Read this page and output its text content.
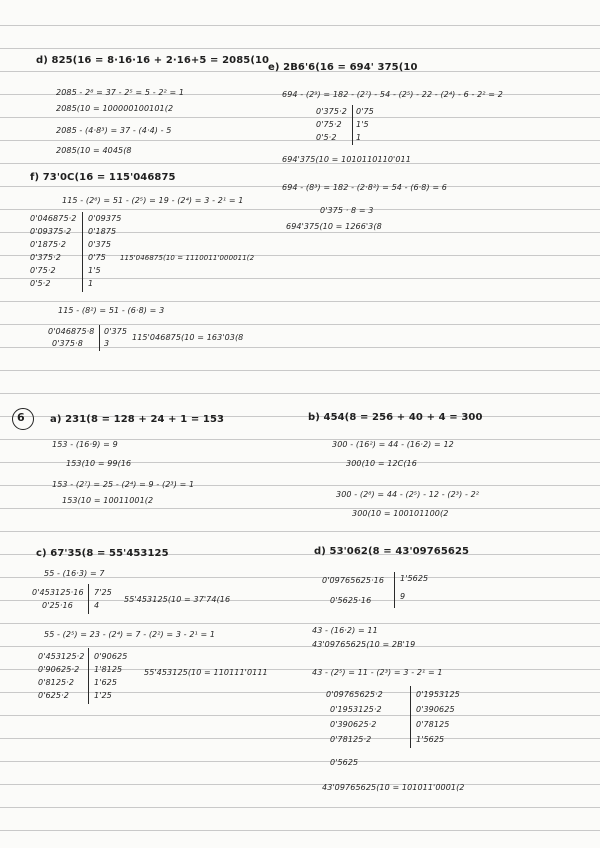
d) 825(16 = 8·16·16 + 2·16+5 = 2085(10
2085 - 2⁸ = 37 - 2⁵ = 5 - 2² = 1
2085(10 = 100000100101(2
2085 - (4·8³) = 37 - (4·4) - 5
2085(10 = 4045(8
e) 2B6'6(16 = 694' 375(10
694 - (2⁹) = 182 - (2⁷) - 54 - (2⁵) - 22 - (2⁴) - 6 - 2² = 2
0'375·2
0'75·2
0'5·2
0'75
1'5
1
694'375(10 = 1010110110'011
694 - (8³) = 182 - (2·8²) = 54 - (6·8) = 6
0'375 · 8 = 3
694'375(10 = 1266'3(8
f) 73'0C(16 = 115'046875
115 - (2⁶) = 51 - (2⁵) = 19 - (2⁴) = 3 - 2¹ = 1
0'046875·2
0'09375·2
0'1875·2
0'375·2
0'75·2
0'5·2
0'09375
0'1875
0'375
0'75
1'5
1
115'046875(10 = 1110011'000011(2
115 - (8²) = 51 - (6·8) = 3
0'046875·8
0'375·8
0'375
3
115'046875(10 = 163'03(8
6	a) 231(8 = 128 + 24 + 1 = 153
153 - (16·9) = 9
153(10 = 99(16
153 - (2⁷) = 25 - (2⁴) = 9 - (2³) = 1
153(10 = 10011001(2
b) 454(8 = 256 + 40 + 4 = 300
300 - (16²) = 44 - (16·2) = 12
300(10 = 12C(16
300 - (2⁸) = 44 - (2⁵) - 12 - (2³) - 2²
300(10 = 100101100(2
c) 67'35(8 = 55'453125
55 - (16·3) = 7
0'453125·16
0'25·16
7'25
4
55'453125(10 = 37'74(16
55 - (2⁵) = 23 - (2⁴) = 7 - (2²) = 3 - 2¹ = 1
0'453125·2
0'90625·2
0'8125·2
0'625·2
0'90625
1'8125
1'625
1'25
55'453125(10 = 110111'0111
d) 53'062(8 = 43'09765625
0'09765625·16
0'5625·16
1'5625
9
43 - (16·2) = 11
43'09765625(10 = 2B'19
43 - (2⁵) = 11 - (2³) = 3 - 2¹ = 1
0'09765625·2
0'1953125·2
0'390625·2
0'78125·2
0'5625
0'1953125
0'390625
0'78125
1'5625
43'09765625(10 = 101011'0001(2
